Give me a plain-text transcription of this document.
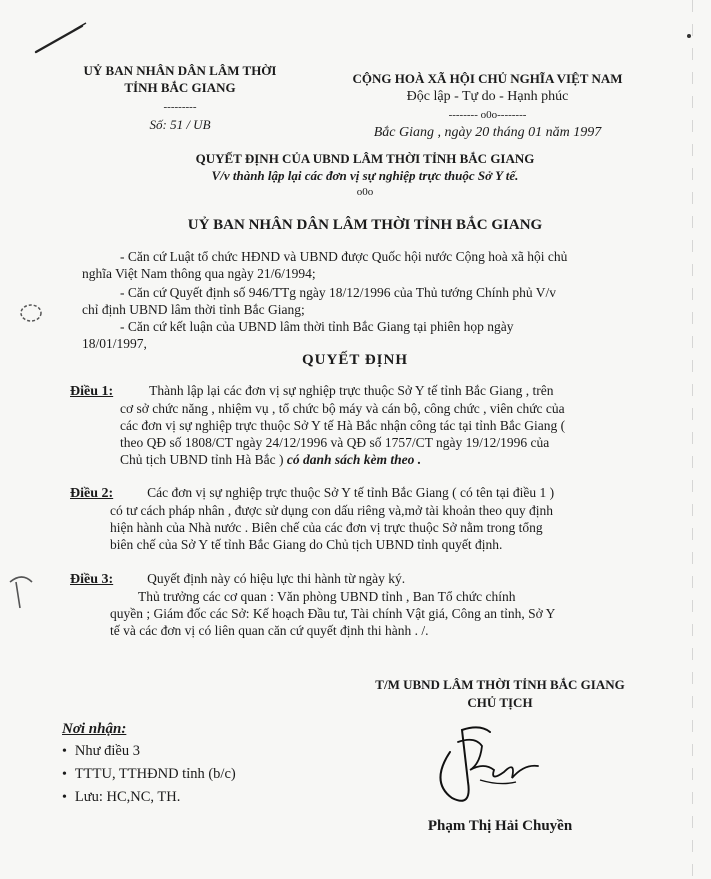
UỶ BAN NHÂN DÂN LÂM THỜI
TỈNH BẮC GIANG
---------
Số: 51 / UB
CỘNG HOÀ XÃ HỘI CHỦ NGHĨA VIỆT NAM
Độc lập - Tự do - Hạnh phúc
-------- o0o--------
Bắc Giang , ngày 20 tháng 01 năm 1997
QUYẾT ĐỊNH CỦA UBND LÂM THỜI TỈNH BẮC GIANG
V/v thành lập lại các đơn vị sự nghiệp trực thuộc Sở Y tế.
o0o
UỶ BAN NHÂN DÂN LÂM THỜI TỈNH BẮC GIANG
- Căn cứ Luật tổ chức HĐND và UBND được Quốc hội nước Cộng hoà xã hội chủ
nghĩa Việt Nam thông qua ngày 21/6/1994;
- Căn cứ Quyết định số 946/TTg ngày 18/12/1996 của Thủ tướng Chính phủ V/v
chỉ định UBND lâm thời tỉnh Bắc Giang;
- Căn cứ kết luận của UBND lâm thời tỉnh Bắc Giang tại phiên họp ngày
18/01/1997,
QUYẾT ĐỊNH
Điều 1:	Thành lập lại các đơn vị sự nghiệp trực thuộc Sở Y tế tỉnh Bắc Giang , trên
cơ sở chức năng , nhiệm vụ , tổ chức bộ máy và cán bộ, công chức , viên chức của
các đơn vị sự nghiệp trực thuộc Sở Y tế Hà Bắc nhận công tác tại tỉnh Bắc Giang (
theo QĐ số 1808/CT ngày 24/12/1996 và QĐ số 1757/CT ngày 19/12/1996 của
Chủ tịch UBND tỉnh Hà Bắc ) có danh sách kèm theo .
Điều 2:	Các đơn vị sự nghiệp trực thuộc Sở Y tế tỉnh Bắc Giang ( có tên tại điều 1 )
có tư cách pháp nhân , được sử dụng con dấu riêng và,mở tài khoản theo quy định
hiện hành của Nhà nước . Biên chế của các đơn vị trực thuộc Sở nằm trong tổng
biên chế của Sở Y tế tỉnh Bắc Giang do Chủ tịch UBND tỉnh quyết định.
Điều 3:	Quyết định này có hiệu lực thi hành từ ngày ký.
Thủ trưởng các cơ quan : Văn phòng UBND tỉnh , Ban Tổ chức chính
quyền ; Giám đốc các Sở: Kế hoạch Đầu tư, Tài chính Vật giá, Công an tỉnh, Sở Y
tế và các đơn vị có liên quan căn cứ quyết định thi hành . /.
T/M UBND LÂM THỜI TỈNH BẮC GIANG
CHỦ TỊCH
Phạm Thị Hải Chuyền
Nơi nhận:
• Như điều 3
• TTTU, TTHĐND tỉnh (b/c)
• Lưu: HC,NC, TH.
